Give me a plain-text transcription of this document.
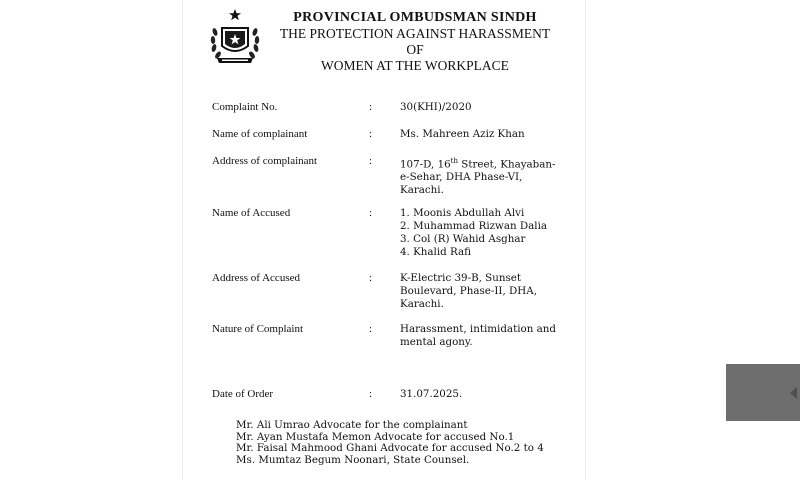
PROVINCIAL OMBUDSMAN SINDH
THE PROTECTION AGAINST HARASSMENT OF
WOMEN AT THE WORKPLACE
Complaint No.	:	30(KHI)/2020
Name of complainant	:	Ms. Mahreen Aziz Khan
Address of complainant	:	107-D, 16th Street, Khayaban-
e-Sehar, DHA Phase-VI,
Karachi.
Name of Accused	:	1. Moonis Abdullah Alvi
2. Muhammad Rizwan Dalia
3. Col (R) Wahid Asghar
4. Khalid Rafi
Address of Accused	:	K-Electric 39-B, Sunset
Boulevard, Phase-II, DHA,
Karachi.
Nature of Complaint	:	Harassment, intimidation and
mental agony.
Date of Order	:	31.07.2025.
Mr. Ali Umrao Advocate for the complainant
Mr. Ayan Mustafa Memon Advocate for accused No.1
Mr. Faisal Mahmood Ghani Advocate for accused No.2 to 4
Ms. Mumtaz Begum Noonari, State Counsel.
